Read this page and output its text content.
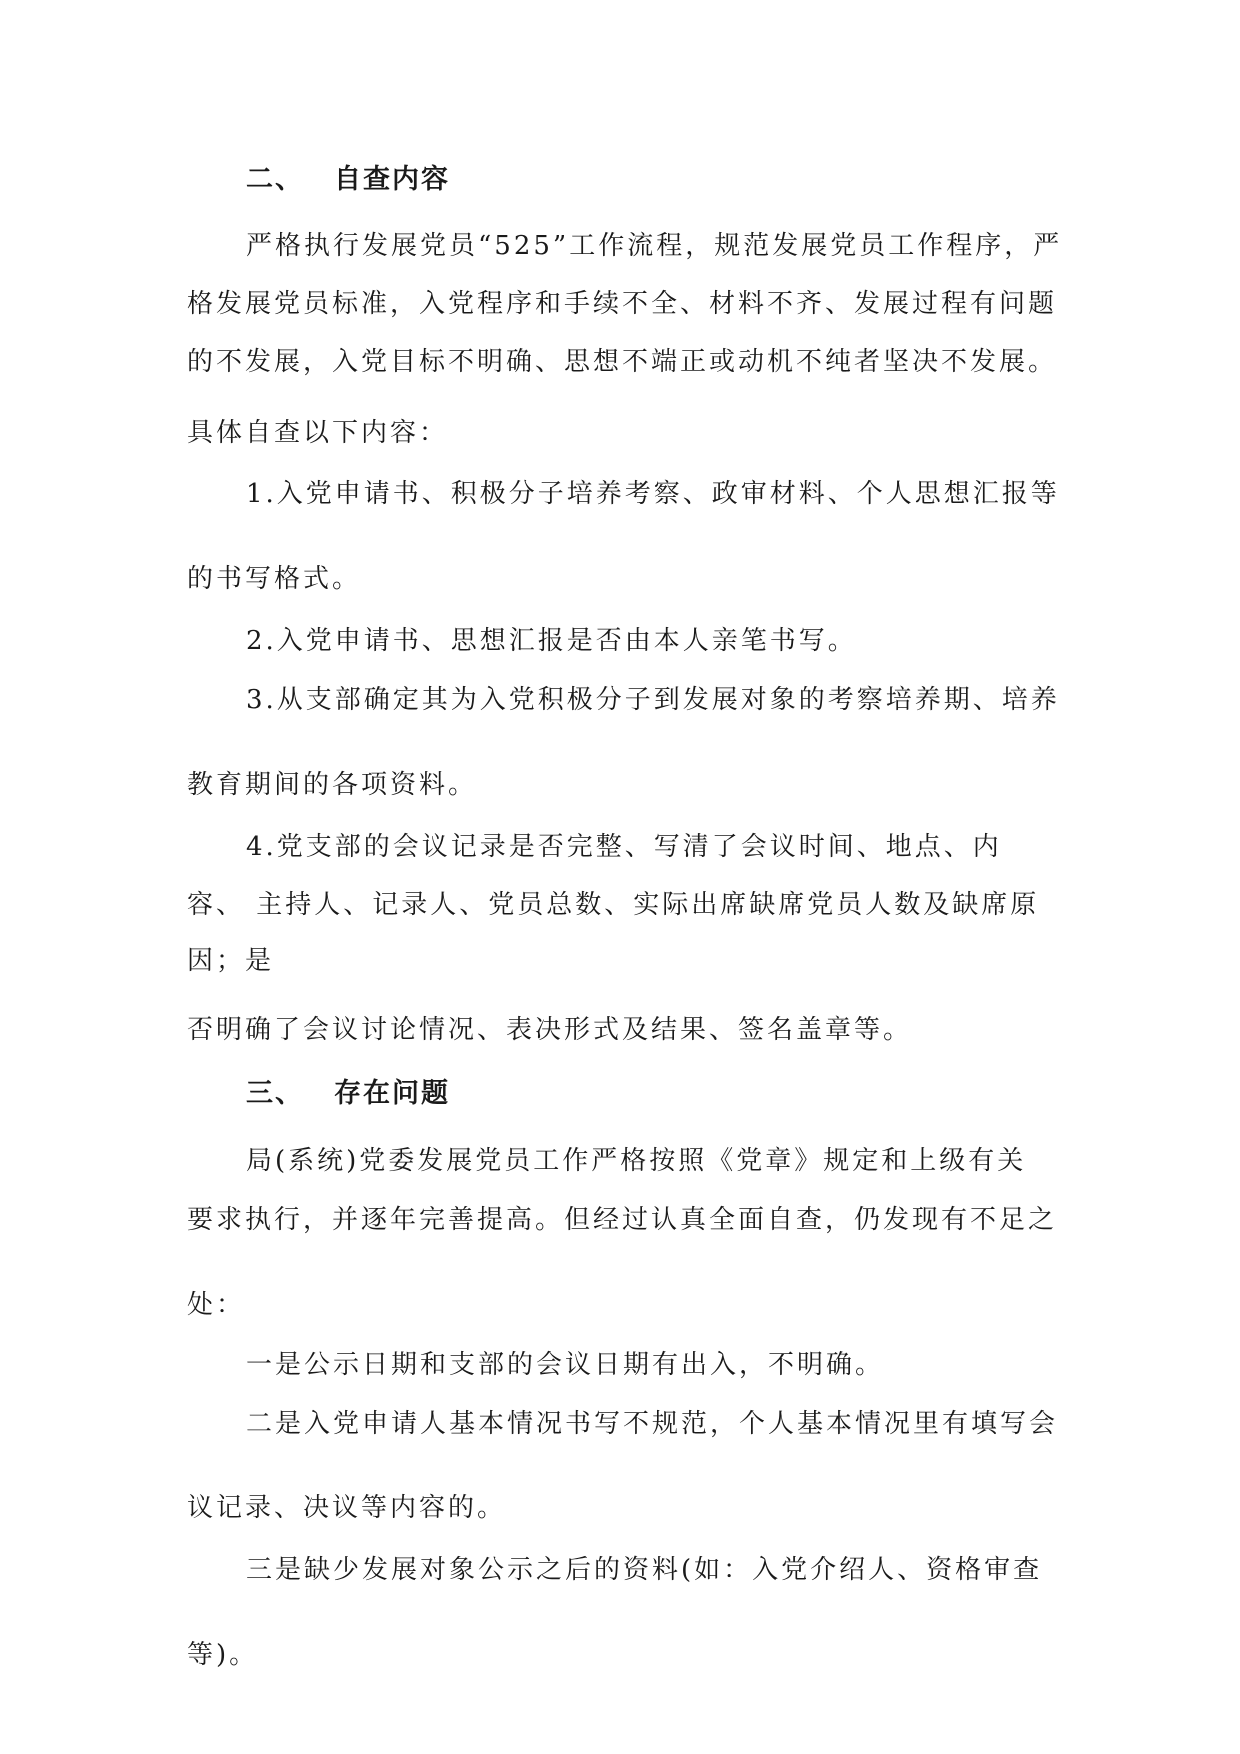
二、 自查内容
严格执行发展党员“525”工作流程，规范发展党员工作程序，严
格发展党员标准，入党程序和手续不全、材料不齐、发展过程有问题
的不发展，入党目标不明确、思想不端正或动机不纯者坚决不发展。
具体自查以下内容：
1.入党申请书、积极分子培养考察、政审材料、个人思想汇报等
的书写格式。
2.入党申请书、思想汇报是否由本人亲笔书写。
3.从支部确定其为入党积极分子到发展对象的考察培养期、培养
教育期间的各项资料。
4.党支部的会议记录是否完整、写清了会议时间、地点、内
容、 主持人、记录人、党员总数、实际出席缺席党员人数及缺席原
因；是
否明确了会议讨论情况、表决形式及结果、签名盖章等。
三、 存在问题
局(系统)党委发展党员工作严格按照《党章》规定和上级有关
要求执行，并逐年完善提高。但经过认真全面自查，仍发现有不足之
处：
一是公示日期和支部的会议日期有出入，不明确。
二是入党申请人基本情况书写不规范，个人基本情况里有填写会
议记录、决议等内容的。
三是缺少发展对象公示之后的资料(如：入党介绍人、资格审查
等)。
